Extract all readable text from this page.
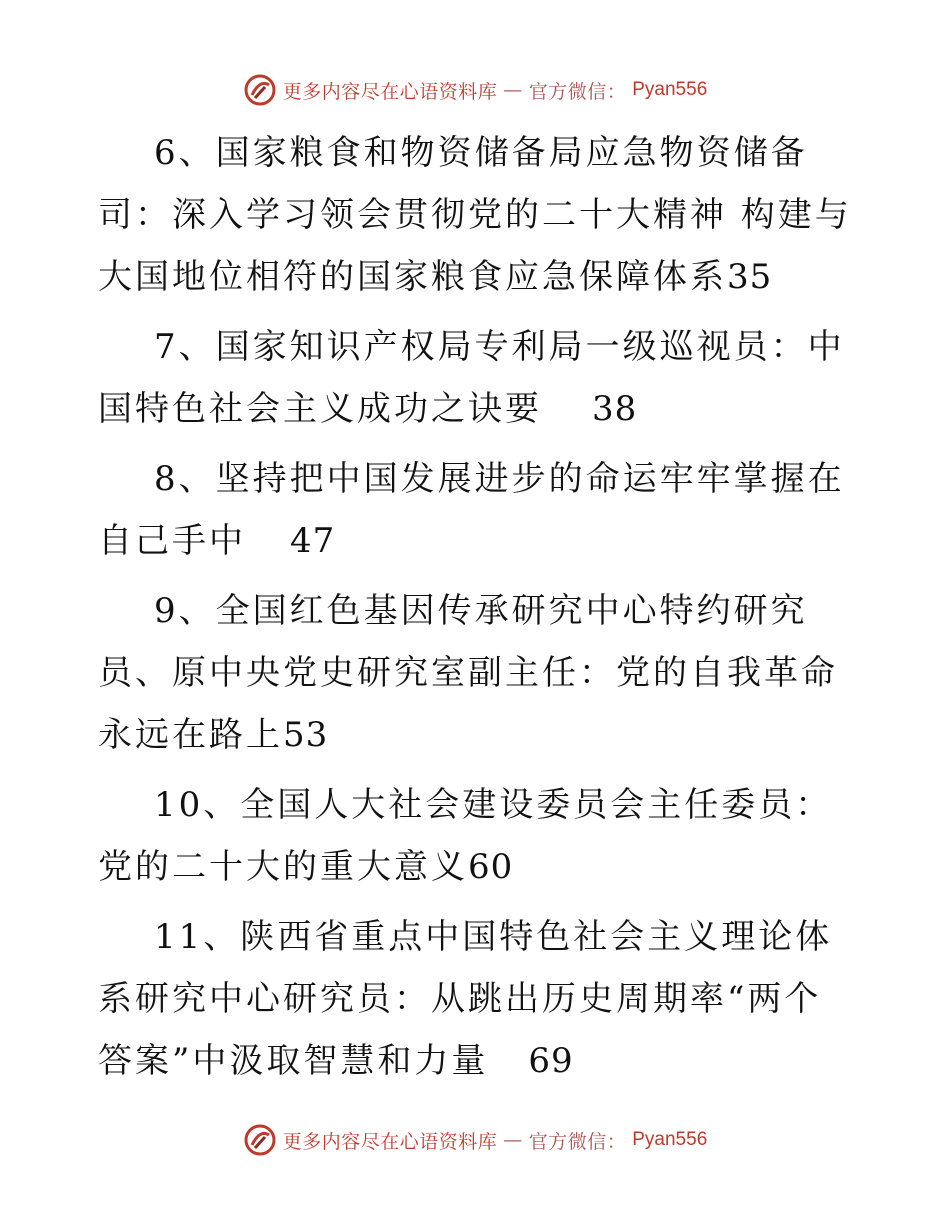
更多内容尽在心语资料库 — 官方微信： Pyan556

6、国家粮食和物资储备局应急物资储备司：深入学习领会贯彻党的二十大精神 构建与大国地位相符的国家粮食应急保障体系35

7、国家知识产权局专利局一级巡视员：中国特色社会主义成功之诀要 38

8、坚持把中国发展进步的命运牢牢掌握在自己手中 47

9、全国红色基因传承研究中心特约研究员、原中央党史研究室副主任：党的自我革命永远在路上53

10、全国人大社会建设委员会主任委员：党的二十大的重大意义60

11、陕西省重点中国特色社会主义理论体系研究中心研究员：从跳出历史周期率“两个答案”中汲取智慧和力量 69

更多内容尽在心语资料库 — 官方微信： Pyan556
